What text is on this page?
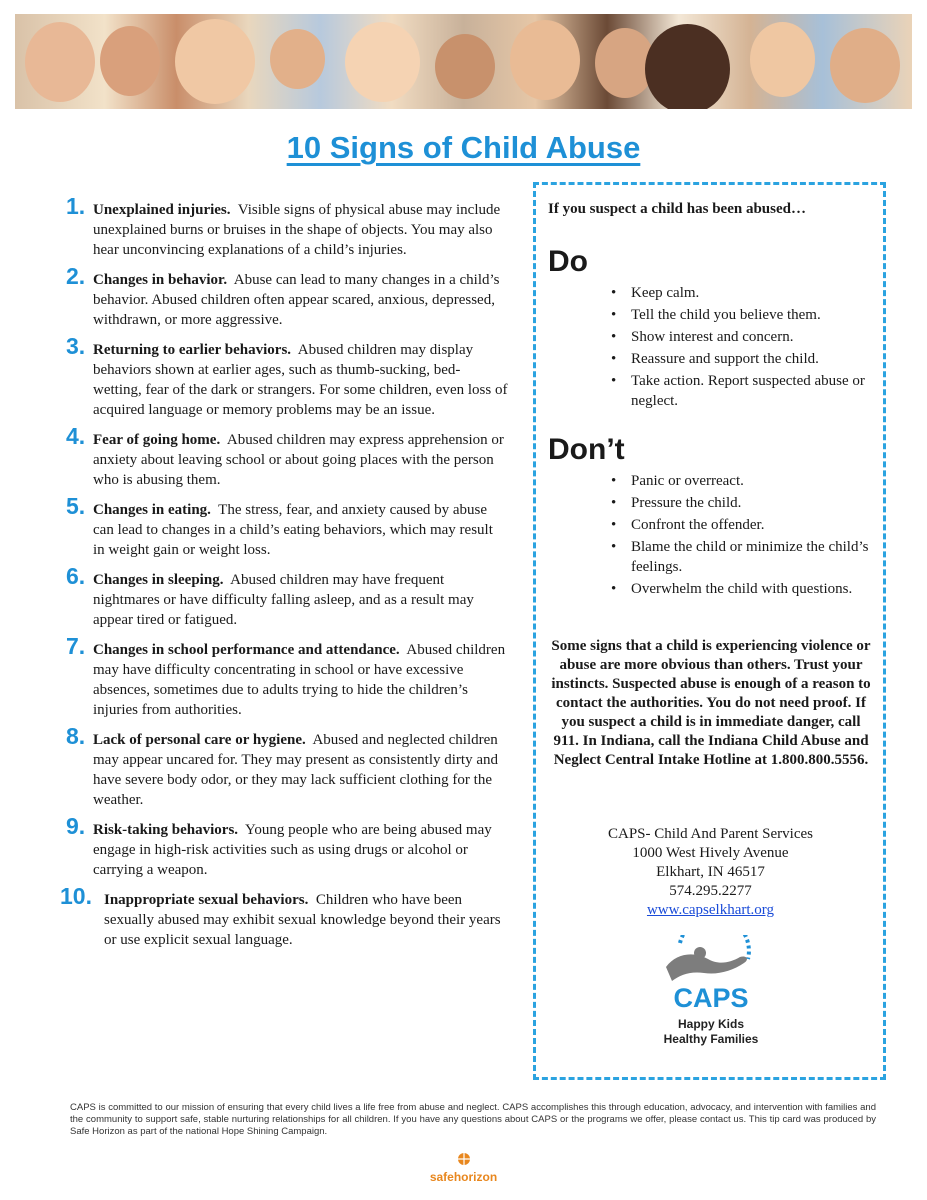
10 Signs of Child Abuse
1. Unexplained injuries. Visible signs of physical abuse may include unexplained burns or bruises in the shape of objects. You may also hear unconvincing explanations of a child’s injuries.
2. Changes in behavior. Abuse can lead to many changes in a child’s behavior. Abused children often appear scared, anxious, depressed, withdrawn, or more aggressive.
3. Returning to earlier behaviors. Abused children may display behaviors shown at earlier ages, such as thumb-sucking, bed-wetting, fear of the dark or strangers. For some children, even loss of acquired language or memory problems may be an issue.
4. Fear of going home. Abused children may express apprehension or anxiety about leaving school or about going places with the person who is abusing them.
5. Changes in eating. The stress, fear, and anxiety caused by abuse can lead to changes in a child’s eating behaviors, which may result in weight gain or weight loss.
6. Changes in sleeping. Abused children may have frequent nightmares or have difficulty falling asleep, and as a result may appear tired or fatigued.
7. Changes in school performance and attendance. Abused children may have difficulty concentrating in school or have excessive absences, sometimes due to adults trying to hide the children’s injuries from authorities.
8. Lack of personal care or hygiene. Abused and neglected children may appear uncared for. They may present as consistently dirty and have severe body odor, or they may lack sufficient clothing for the weather.
9. Risk-taking behaviors. Young people who are being abused may engage in high-risk activities such as using drugs or alcohol or carrying a weapon.
10. Inappropriate sexual behaviors. Children who have been sexually abused may exhibit sexual knowledge beyond their years or use explicit sexual language.
If you suspect a child has been abused…
Do
• Keep calm.
• Tell the child you believe them.
• Show interest and concern.
• Reassure and support the child.
• Take action. Report suspected abuse or neglect.
Don’t
• Panic or overreact.
• Pressure the child.
• Confront the offender.
• Blame the child or minimize the child’s feelings.
• Overwhelm the child with questions.
Some signs that a child is experiencing violence or abuse are more obvious than others. Trust your instincts. Suspected abuse is enough of a reason to contact the authorities. You do not need proof. If you suspect a child is in immediate danger, call 911. In Indiana, call the Indiana Child Abuse and Neglect Central Intake Hotline at 1.800.800.5556.
CAPS- Child And Parent Services
1000 West Hively Avenue
Elkhart, IN 46517
574.295.2277
www.capselkhart.org
CAPS
Happy Kids
Healthy Families
CAPS is committed to our mission of ensuring that every child lives a life free from abuse and neglect. CAPS accomplishes this through education, advocacy, and intervention with families and the community to support safe, stable nurturing relationships for all children. If you have any questions about CAPS or the programs we offer, please contact us. This tip card was produced by Safe Horizon as part of the national Hope Shining Campaign.
safehorizon
